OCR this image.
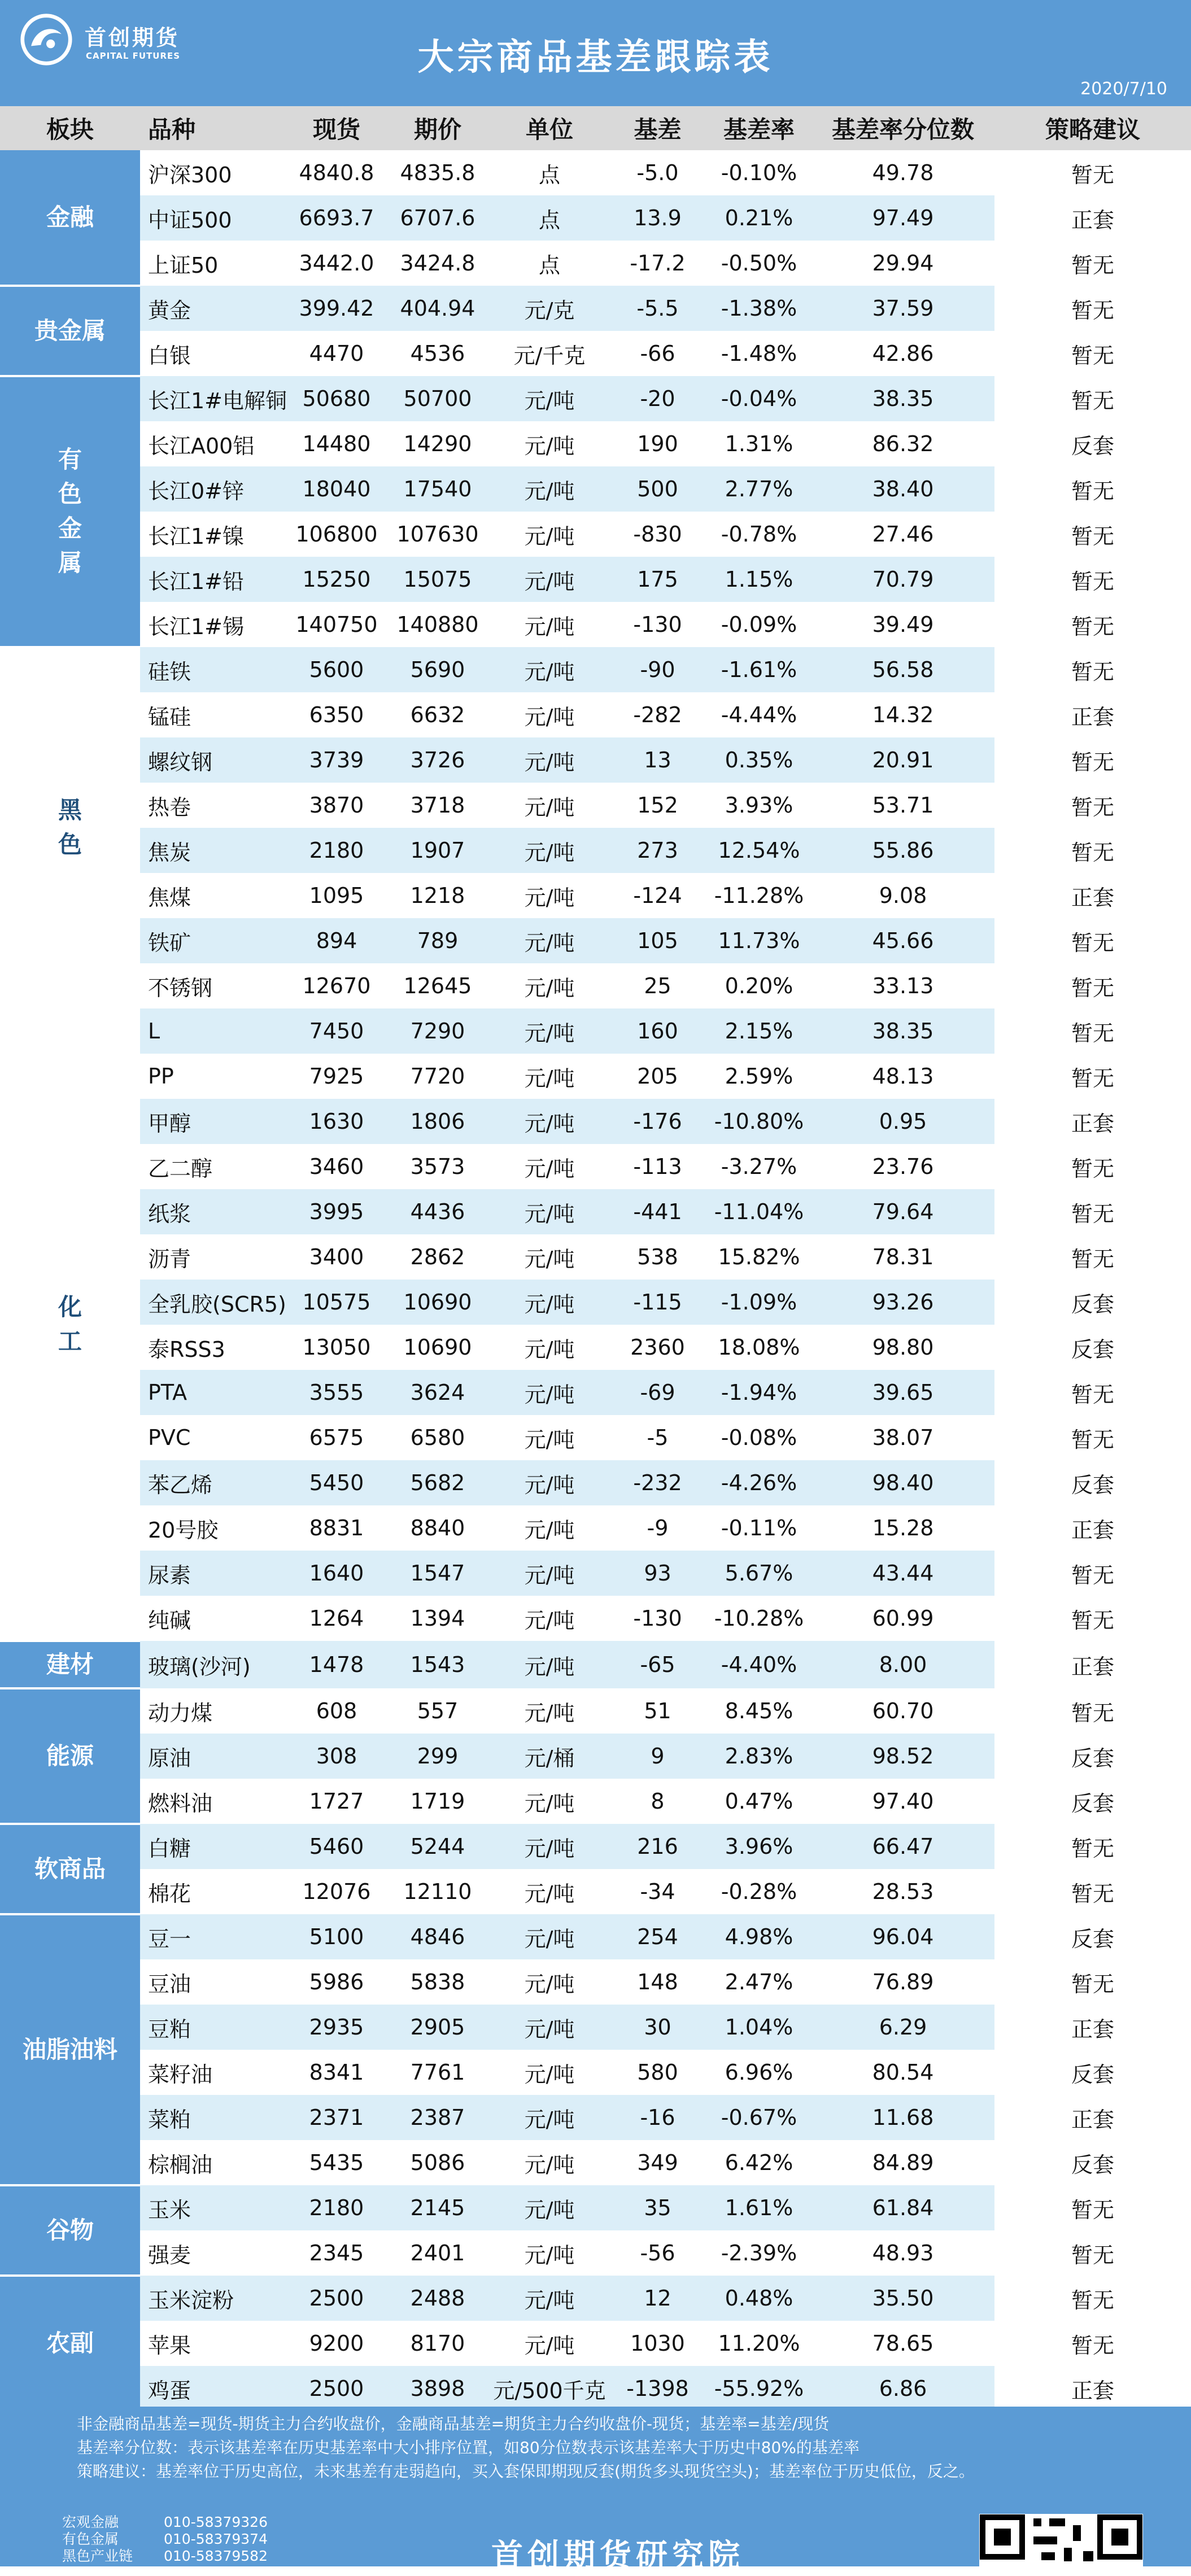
首创期货
CAPITAL FUTURES	大宗商品基差跟踪表
2020/7/10
板块	品种	现货	期价	单位	基差	基差率	基差率分位数	策略建议
金融	沪深300	4840.8	4835.8	点	-5.0	-0.10%	49.78	暂无
	中证500	6693.7	6707.6	点	13.9	0.21%	97.49	正套
	上证50	3442.0	3424.8	点	-17.2	-0.50%	29.94	暂无
贵金属	黄金	399.42	404.94	元/克	-5.5	-1.38%	37.59	暂无
	白银	4470	4536	元/千克	-66	-1.48%	42.86	暂无
有
色
金
属	长江1#电解铜	50680	50700	元/吨	-20	-0.04%	38.35	暂无
	长江A00铝	14480	14290	元/吨	190	1.31%	86.32	反套
	长江0#锌	18040	17540	元/吨	500	2.77%	38.40	暂无
	长江1#镍	106800	107630	元/吨	-830	-0.78%	27.46	暂无
	长江1#铅	15250	15075	元/吨	175	1.15%	70.79	暂无
	长江1#锡	140750	140880	元/吨	-130	-0.09%	39.49	暂无
黑
色	硅铁	5600	5690	元/吨	-90	-1.61%	56.58	暂无
	锰硅	6350	6632	元/吨	-282	-4.44%	14.32	正套
	螺纹钢	3739	3726	元/吨	13	0.35%	20.91	暂无
	热卷	3870	3718	元/吨	152	3.93%	53.71	暂无
	焦炭	2180	1907	元/吨	273	12.54%	55.86	暂无
	焦煤	1095	1218	元/吨	-124	-11.28%	9.08	正套
	铁矿	894	789	元/吨	105	11.73%	45.66	暂无
	不锈钢	12670	12645	元/吨	25	0.20%	33.13	暂无
化
工	L	7450	7290	元/吨	160	2.15%	38.35	暂无
	PP	7925	7720	元/吨	205	2.59%	48.13	暂无
	甲醇	1630	1806	元/吨	-176	-10.80%	0.95	正套
	乙二醇	3460	3573	元/吨	-113	-3.27%	23.76	暂无
	纸浆	3995	4436	元/吨	-441	-11.04%	79.64	暂无
	沥青	3400	2862	元/吨	538	15.82%	78.31	暂无
	全乳胶(SCR5)	10575	10690	元/吨	-115	-1.09%	93.26	反套
	泰RSS3	13050	10690	元/吨	2360	18.08%	98.80	反套
	PTA	3555	3624	元/吨	-69	-1.94%	39.65	暂无
	PVC	6575	6580	元/吨	-5	-0.08%	38.07	暂无
	苯乙烯	5450	5682	元/吨	-232	-4.26%	98.40	反套
	20号胶	8831	8840	元/吨	-9	-0.11%	15.28	正套
	尿素	1640	1547	元/吨	93	5.67%	43.44	暂无
	纯碱	1264	1394	元/吨	-130	-10.28%	60.99	暂无
建材	玻璃(沙河)	1478	1543	元/吨	-65	-4.40%	8.00	正套
能源	动力煤	608	557	元/吨	51	8.45%	60.70	暂无
	原油	308	299	元/桶	9	2.83%	98.52	反套
	燃料油	1727	1719	元/吨	8	0.47%	97.40	反套
软商品	白糖	5460	5244	元/吨	216	3.96%	66.47	暂无
	棉花	12076	12110	元/吨	-34	-0.28%	28.53	暂无
油脂油料	豆一	5100	4846	元/吨	254	4.98%	96.04	反套
	豆油	5986	5838	元/吨	148	2.47%	76.89	暂无
	豆粕	2935	2905	元/吨	30	1.04%	6.29	正套
	菜籽油	8341	7761	元/吨	580	6.96%	80.54	反套
	菜粕	2371	2387	元/吨	-16	-0.67%	11.68	正套
	棕榈油	5435	5086	元/吨	349	6.42%	84.89	反套
谷物	玉米	2180	2145	元/吨	35	1.61%	61.84	暂无
	强麦	2345	2401	元/吨	-56	-2.39%	48.93	暂无
农副	玉米淀粉	2500	2488	元/吨	12	0.48%	35.50	暂无
	苹果	9200	8170	元/吨	1030	11.20%	78.65	暂无
	鸡蛋	2500	3898	元/500千克	-1398	-55.92%	6.86	正套
非金融商品基差=现货-期货主力合约收盘价，金融商品基差=期货主力合约收盘价-现货；基差率=基差/现货
基差率分位数：表示该基差率在历史基差率中大小排序位置，如80分位数表示该基差率大于历史中80%的基差率
策略建议：基差率位于历史高位，未来基差有走弱趋向，买入套保即期现反套(期货多头现货空头)；基差率位于历史低位，反之。
宏观金融	010-58379326
有色金属	010-58379374
黑色产业链 010-58379582	首创期货研究院
